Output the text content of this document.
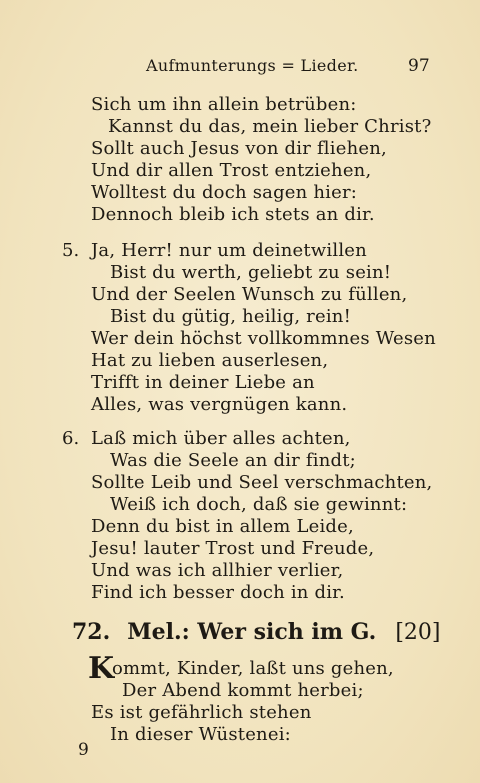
Aufmunterungs = Lieder.	97
Sich um ihn allein betrüben:
Kannst du das, mein lieber Christ?
Sollt auch Jesus von dir fliehen,
Und dir allen Trost entziehen,
Wolltest du doch sagen hier:
Dennoch bleib ich stets an dir.
5. Ja, Herr! nur um deinetwillen
Bist du werth, geliebt zu sein!
Und der Seelen Wunsch zu füllen,
Bist du gütig, heilig, rein!
Wer dein höchst vollkommnes Wesen
Hat zu lieben auserlesen,
Trifft in deiner Liebe an
Alles, was vergnügen kann.
6. Laß mich über alles achten,
Was die Seele an dir findt;
Sollte Leib und Seel verschmachten,
Weiß ich doch, daß sie gewinnt:
Denn du bist in allem Leide,
Jesu! lauter Trost und Freude,
Und was ich allhier verlier,
Find ich besser doch in dir.
72. Mel.: Wer sich im G. [20]
K
ommt, Kinder, laßt uns gehen,
Der Abend kommt herbei;
Es ist gefährlich stehen
In dieser Wüstenei:
9
